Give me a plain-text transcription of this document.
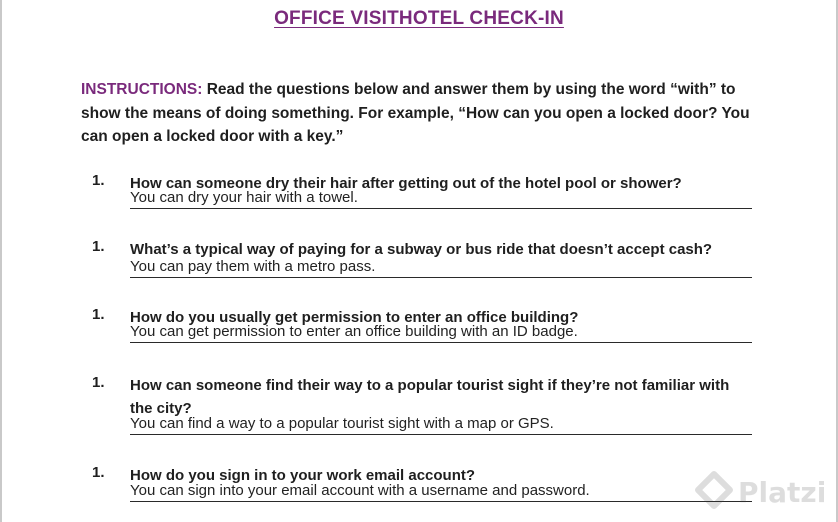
OFFICE VISITHOTEL CHECK-IN
INSTRUCTIONS: Read the questions below and answer them by using the word “with” to show the means of doing something. For example, “How can you open a locked door? You can open a locked door with a key.”
1. How can someone dry their hair after getting out of the hotel pool or shower?
You can dry your hair with a towel.
1. What’s a typical way of paying for a subway or bus ride that doesn’t accept cash?
You can pay them with a metro pass.
1. How do you usually get permission to enter an office building?
You can get permission to enter an office building with an ID badge.
1. How can someone find their way to a popular tourist sight if they’re not familiar with the city?
You can find a way to a popular tourist sight with a map or GPS.
1. How do you sign in to your work email account?
You can sign into your email account with a username and password.	Platzi
